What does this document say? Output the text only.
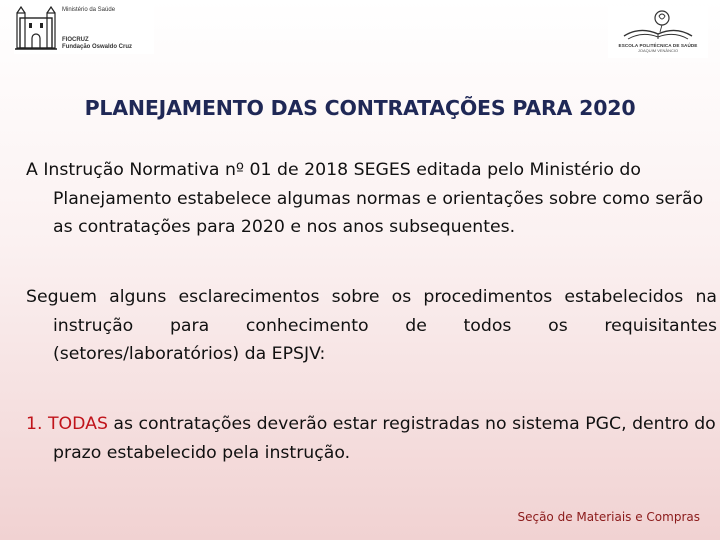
Ministério da Saúde
FIOCRUZ
Fundação Oswaldo Cruz	ESCOLA POLITÉCNICA DE SAÚDE
JOAQUIM VENÂNCIO
PLANEJAMENTO DAS CONTRATAÇÕES PARA 2020

A Instrução Normativa nº 01 de 2018 SEGES editada pelo Ministério do Planejamento estabelece algumas normas e orientações sobre como serão as contratações para 2020 e nos anos subsequentes.

Seguem alguns esclarecimentos sobre os procedimentos estabelecidos na instrução para conhecimento de todos os requisitantes (setores/laboratórios) da EPSJV:

1. TODAS as contratações deverão estar registradas no sistema PGC, dentro do prazo estabelecido pela instrução.

Seção de Materiais e Compras
